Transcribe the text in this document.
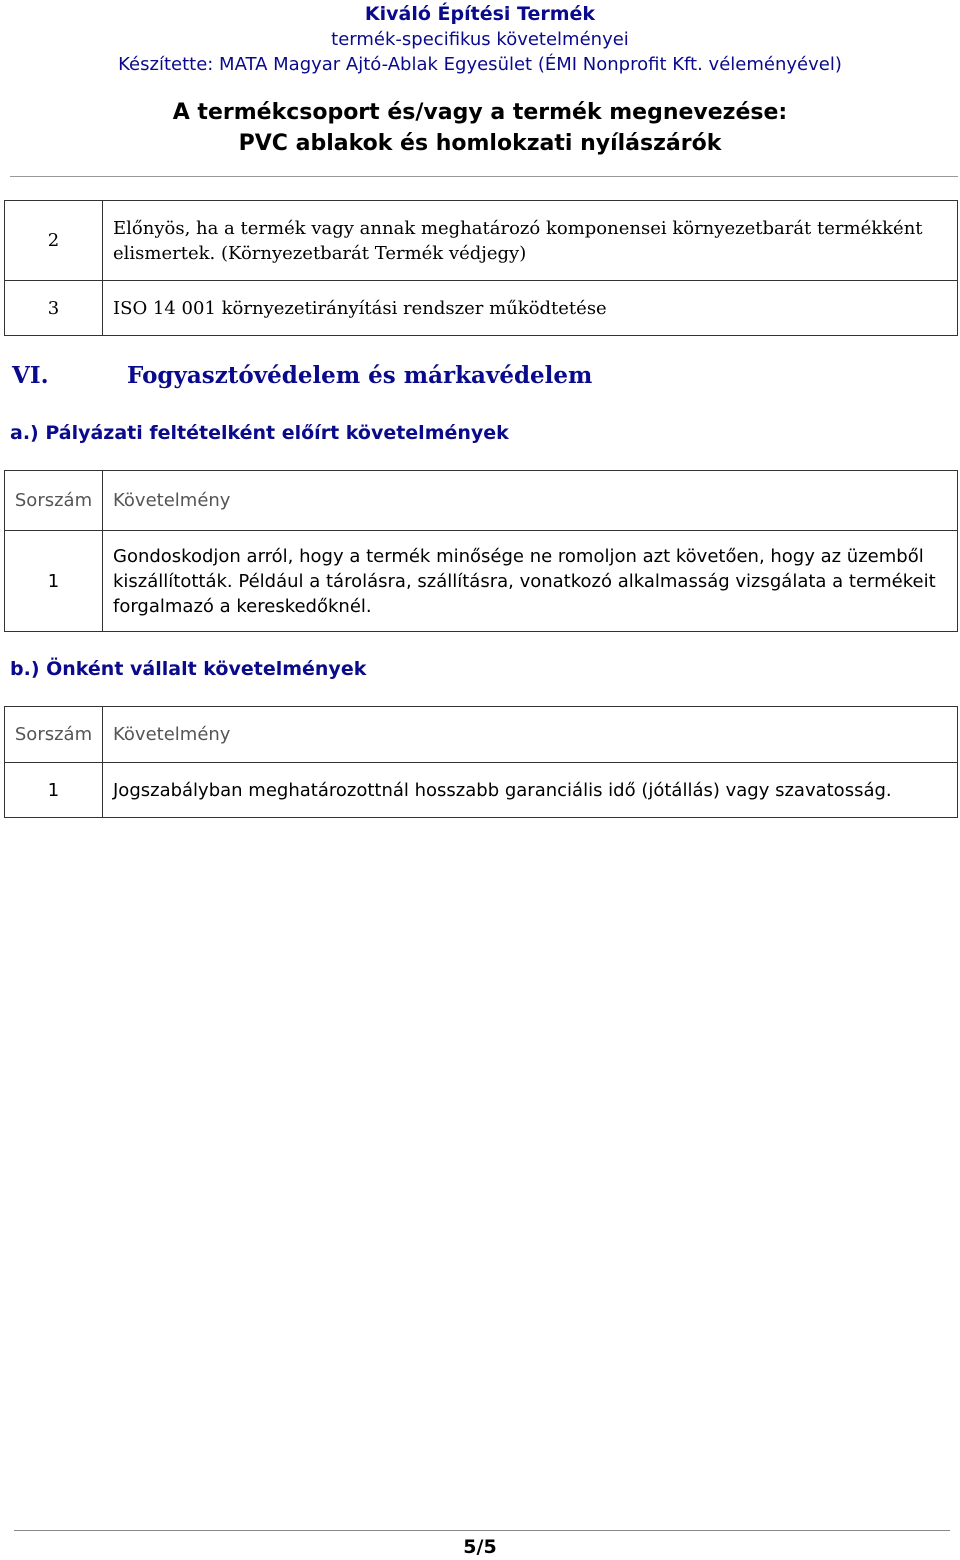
Kiváló Építési Termék
termék-specifikus követelményei
Készítette: MATA Magyar Ajtó-Ablak Egyesület (ÉMI Nonprofit Kft. véleményével)
A termékcsoport és/vagy a termék megnevezése:
PVC ablakok és homlokzati nyílászárók
2	Előnyös, ha a termék vagy annak meghatározó komponensei környezetbarát termékként elismertek. (Környezetbarát Termék védjegy)
3	ISO 14 001 környezetirányítási rendszer működtetése
VI.	Fogyasztóvédelem és márkavédelem
a.) Pályázati feltételként előírt követelmények
Sorszám	Követelmény
1	Gondoskodjon arról, hogy a termék minősége ne romoljon azt követően, hogy az üzemből kiszállították. Például a tárolásra, szállításra, vonatkozó alkalmasság vizsgálata a termékeit forgalmazó a kereskedőknél.
b.) Önként vállalt követelmények
Sorszám	Követelmény
1	Jogszabályban meghatározottnál hosszabb garanciális idő (jótállás) vagy szavatosság.
5/5
